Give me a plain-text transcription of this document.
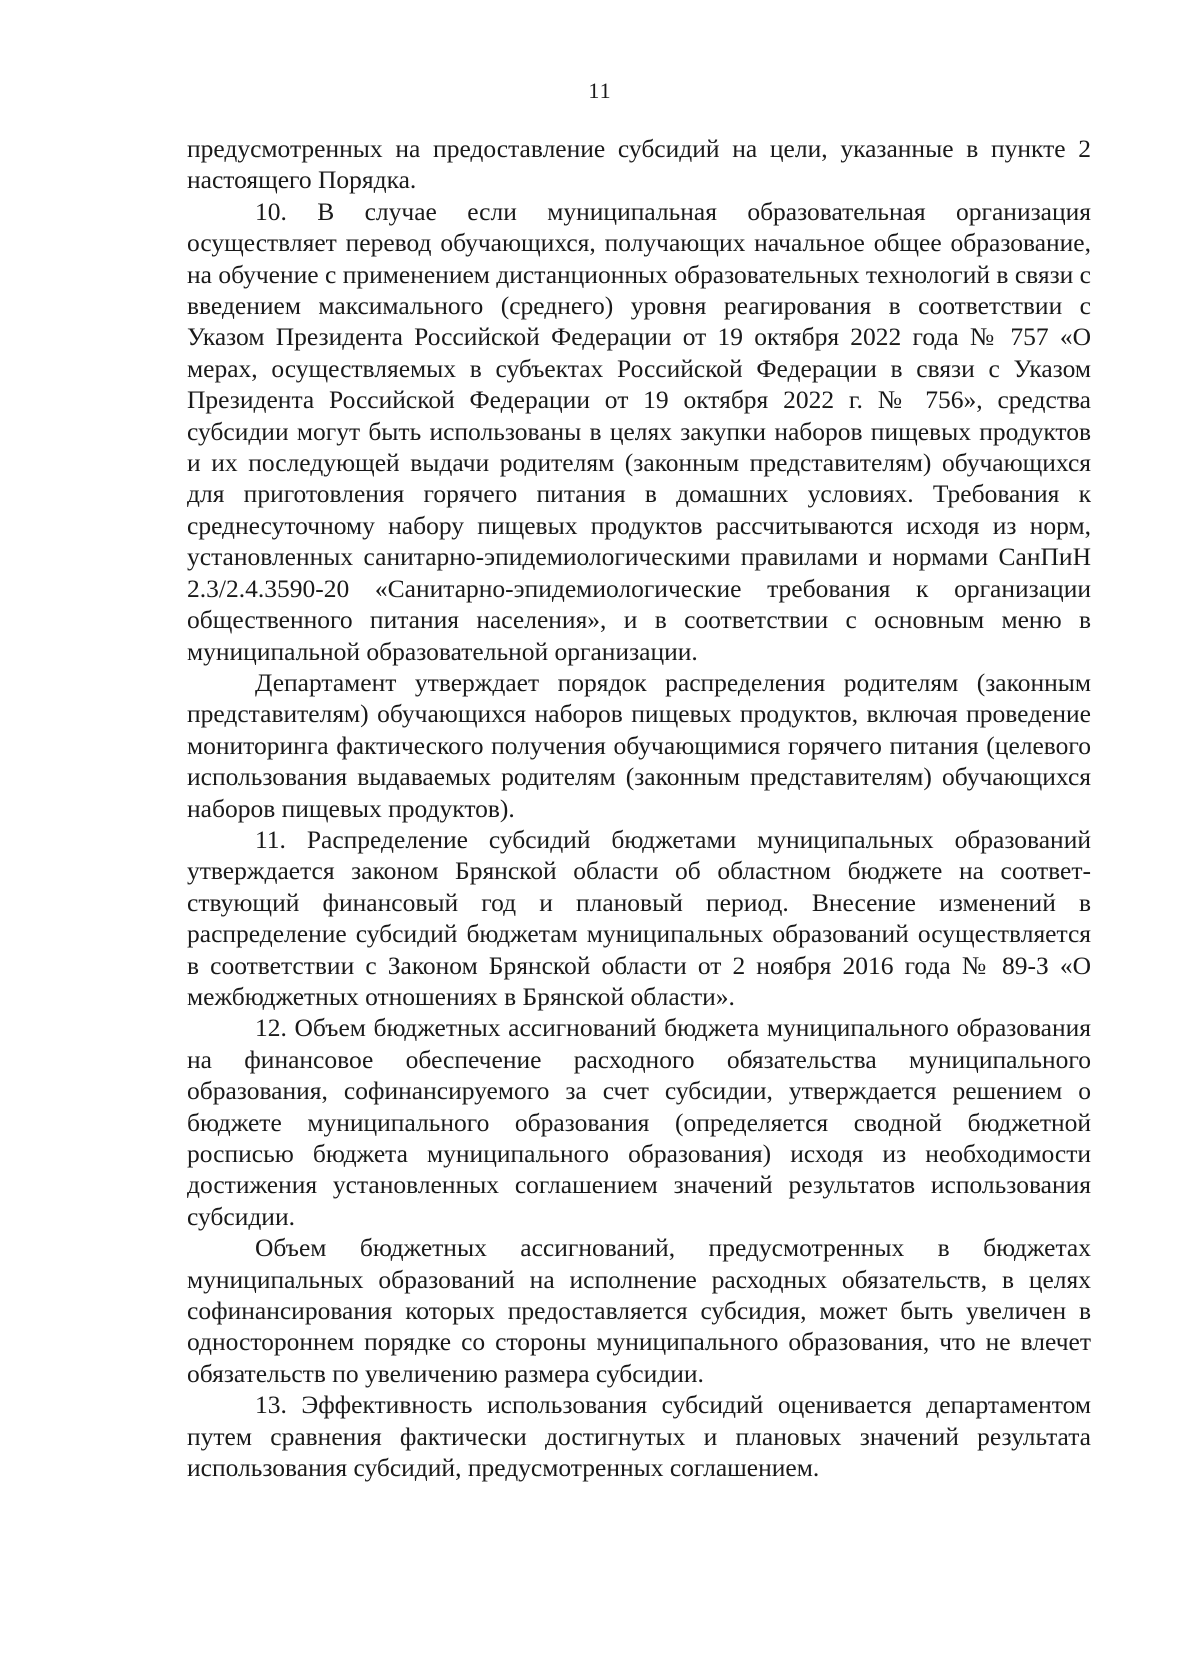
11

предусмотренных на предоставление субсидий на цели, указанные в пункте 2 настоящего Порядка.

10. В случае если муниципальная образовательная организация осуществляет перевод обучающихся, получающих начальное общее образование, на обучение с применением дистанционных образовательных технологий в связи с введением максимального (среднего) уровня реагирования в соответствии с Указом Президента Российской Федерации от 19 октября 2022 года № 757 «О мерах, осуществляемых в субъектах Российской Федерации в связи с Указом Президента Российской Федерации от 19 октября 2022 г. № 756», средства субсидии могут быть использованы в целях закупки наборов пищевых продуктов и их последующей выдачи родителям (законным представителям) обучающихся для приготовления горячего питания в домашних условиях. Требования к среднесуточному набору пищевых продуктов рассчитываются исходя из норм, установленных санитарно-эпидемиологическими правилами и нормами СанПиН 2.3/2.4.3590-20 «Санитарно-эпидемиологические требования к организации общественного питания населения», и в соответствии с основным меню в муниципальной образовательной организации.

Департамент утверждает порядок распределения родителям (законным представителям) обучающихся наборов пищевых продуктов, включая проведение мониторинга фактического получения обучающимися горячего питания (целевого использования выдаваемых родителям (законным представителям) обучающихся наборов пищевых продуктов).

11. Распределение субсидий бюджетами муниципальных образований утверждается законом Брянской области об областном бюджете на соответствующий финансовый год и плановый период. Внесение изменений в распределение субсидий бюджетам муниципальных образований осуществляется в соответствии с Законом Брянской области от 2 ноября 2016 года № 89-З «О межбюджетных отношениях в Брянской области».

12. Объем бюджетных ассигнований бюджета муниципального образования на финансовое обеспечение расходного обязательства муниципального образования, софинансируемого за счет субсидии, утверждается решением о бюджете муниципального образования (определяется сводной бюджетной росписью бюджета муниципального образования) исходя из необходимости достижения установленных соглашением значений результатов использования субсидии.

Объем бюджетных ассигнований, предусмотренных в бюджетах муниципальных образований на исполнение расходных обязательств, в целях софинансирования которых предоставляется субсидия, может быть увеличен в одностороннем порядке со стороны муниципального образования, что не влечет обязательств по увеличению размера субсидии.

13. Эффективность использования субсидий оценивается департаментом путем сравнения фактически достигнутых и плановых значений результата использования субсидий, предусмотренных соглашением.
